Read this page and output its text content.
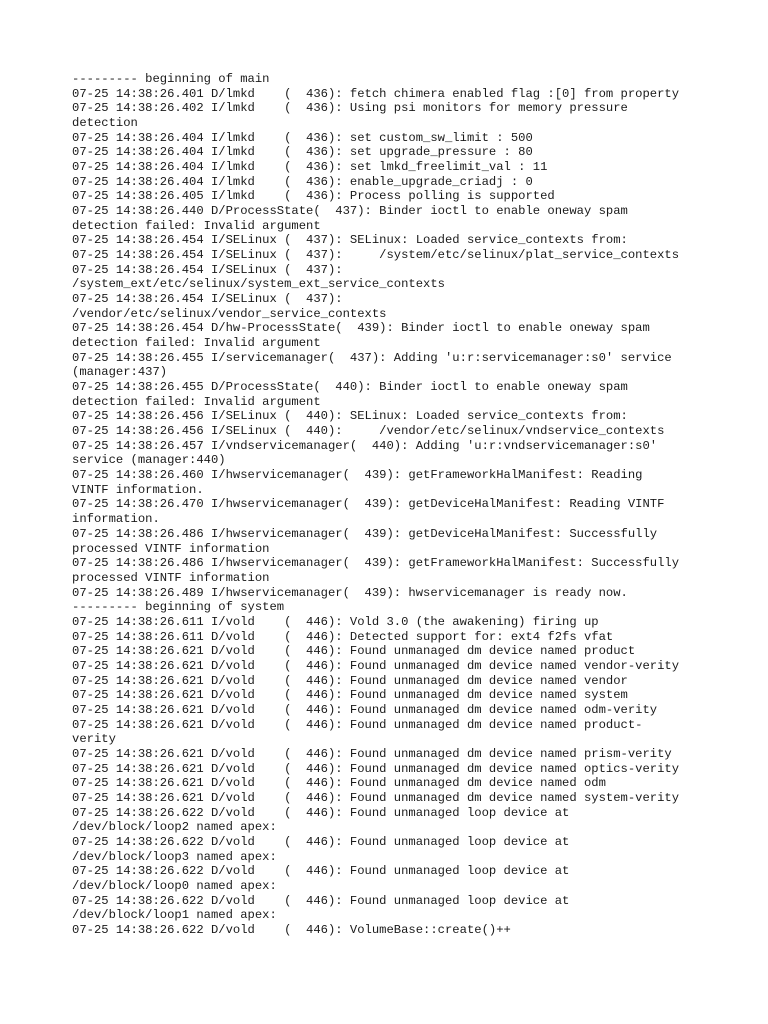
--------- beginning of main
07-25 14:38:26.401 D/lmkd    (  436): fetch chimera enabled flag :[0] from property
07-25 14:38:26.402 I/lmkd    (  436): Using psi monitors for memory pressure
detection
07-25 14:38:26.404 I/lmkd    (  436): set custom_sw_limit : 500
07-25 14:38:26.404 I/lmkd    (  436): set upgrade_pressure : 80
07-25 14:38:26.404 I/lmkd    (  436): set lmkd_freelimit_val : 11
07-25 14:38:26.404 I/lmkd    (  436): enable_upgrade_criadj : 0
07-25 14:38:26.405 I/lmkd    (  436): Process polling is supported
07-25 14:38:26.440 D/ProcessState(  437): Binder ioctl to enable oneway spam
detection failed: Invalid argument
07-25 14:38:26.454 I/SELinux (  437): SELinux: Loaded service_contexts from:
07-25 14:38:26.454 I/SELinux (  437):     /system/etc/selinux/plat_service_contexts
07-25 14:38:26.454 I/SELinux (  437):
/system_ext/etc/selinux/system_ext_service_contexts
07-25 14:38:26.454 I/SELinux (  437):
/vendor/etc/selinux/vendor_service_contexts
07-25 14:38:26.454 D/hw-ProcessState(  439): Binder ioctl to enable oneway spam
detection failed: Invalid argument
07-25 14:38:26.455 I/servicemanager(  437): Adding 'u:r:servicemanager:s0' service
(manager:437)
07-25 14:38:26.455 D/ProcessState(  440): Binder ioctl to enable oneway spam
detection failed: Invalid argument
07-25 14:38:26.456 I/SELinux (  440): SELinux: Loaded service_contexts from:
07-25 14:38:26.456 I/SELinux (  440):     /vendor/etc/selinux/vndservice_contexts
07-25 14:38:26.457 I/vndservicemanager(  440): Adding 'u:r:vndservicemanager:s0'
service (manager:440)
07-25 14:38:26.460 I/hwservicemanager(  439): getFrameworkHalManifest: Reading
VINTF information.
07-25 14:38:26.470 I/hwservicemanager(  439): getDeviceHalManifest: Reading VINTF
information.
07-25 14:38:26.486 I/hwservicemanager(  439): getDeviceHalManifest: Successfully
processed VINTF information
07-25 14:38:26.486 I/hwservicemanager(  439): getFrameworkHalManifest: Successfully
processed VINTF information
07-25 14:38:26.489 I/hwservicemanager(  439): hwservicemanager is ready now.
--------- beginning of system
07-25 14:38:26.611 I/vold    (  446): Vold 3.0 (the awakening) firing up
07-25 14:38:26.611 D/vold    (  446): Detected support for: ext4 f2fs vfat
07-25 14:38:26.621 D/vold    (  446): Found unmanaged dm device named product
07-25 14:38:26.621 D/vold    (  446): Found unmanaged dm device named vendor-verity
07-25 14:38:26.621 D/vold    (  446): Found unmanaged dm device named vendor
07-25 14:38:26.621 D/vold    (  446): Found unmanaged dm device named system
07-25 14:38:26.621 D/vold    (  446): Found unmanaged dm device named odm-verity
07-25 14:38:26.621 D/vold    (  446): Found unmanaged dm device named product-
verity
07-25 14:38:26.621 D/vold    (  446): Found unmanaged dm device named prism-verity
07-25 14:38:26.621 D/vold    (  446): Found unmanaged dm device named optics-verity
07-25 14:38:26.621 D/vold    (  446): Found unmanaged dm device named odm
07-25 14:38:26.621 D/vold    (  446): Found unmanaged dm device named system-verity
07-25 14:38:26.622 D/vold    (  446): Found unmanaged loop device at
/dev/block/loop2 named apex:
07-25 14:38:26.622 D/vold    (  446): Found unmanaged loop device at
/dev/block/loop3 named apex:
07-25 14:38:26.622 D/vold    (  446): Found unmanaged loop device at
/dev/block/loop0 named apex:
07-25 14:38:26.622 D/vold    (  446): Found unmanaged loop device at
/dev/block/loop1 named apex:
07-25 14:38:26.622 D/vold    (  446): VolumeBase::create()++
